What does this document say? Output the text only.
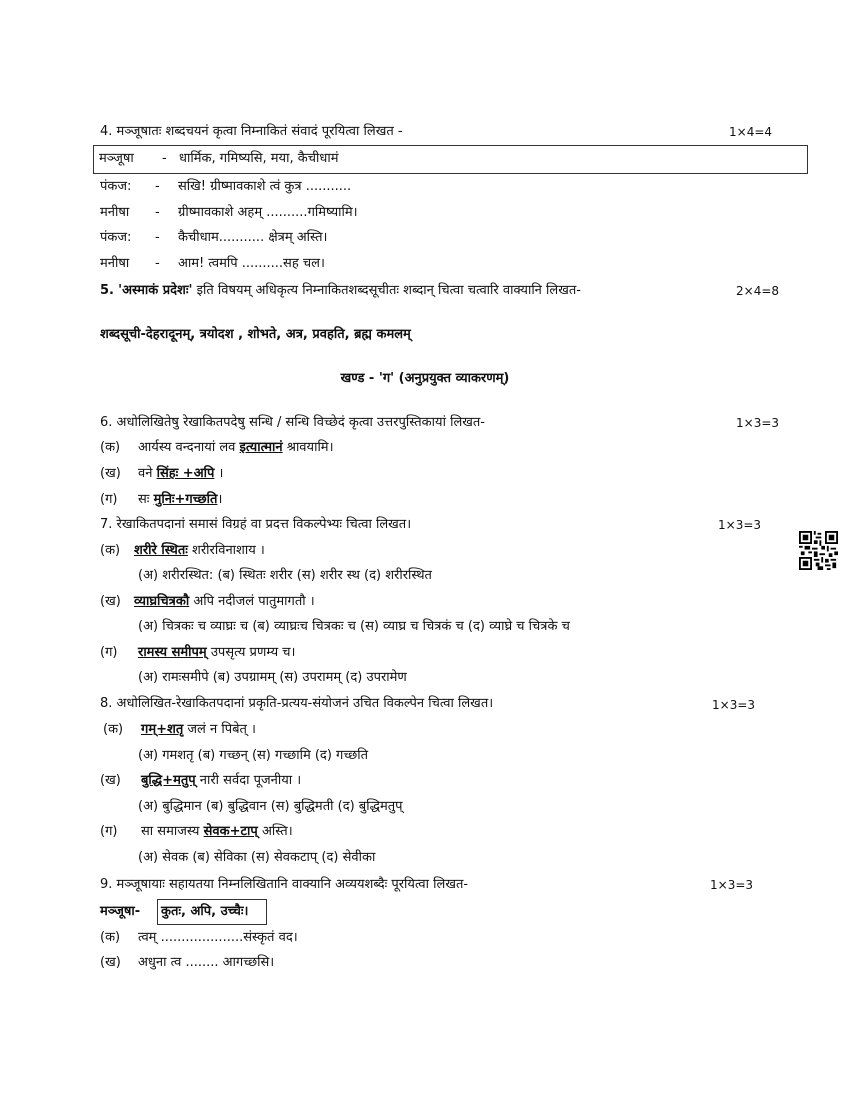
4. मञ्जूषातः शब्दचयनं कृत्वा निम्नाकितं संवादं पूरयित्वा लिखत -	1×4=4
मञ्जूषा - धार्मिक, गमिष्यसि, मया, कैचीधामं
पंकज: - सखि! ग्रीष्मावकाशे त्वं कुत्र ...........
मनीषा - ग्रीष्मावकाशे अहम् ..........गमिष्यामि।
पंकज: - कैचीधाम........... क्षेत्रम् अस्ति।
मनीषा - आम! त्वमपि ..........सह चल।
5. 'अस्माकं प्रदेशः' इति विषयम् अधिकृत्य निम्नाकितशब्दसूचीतः शब्दान् चित्वा चत्वारि वाक्यानि लिखत-	2×4=8
शब्दसूची-देहरादूनम्, त्रयोदश , शोभते, अत्र, प्रवहति, ब्रह्म कमलम्
खण्ड - 'ग' (अनुप्रयुक्त व्याकरणम्)
6. अधोलिखितेषु रेखाकितपदेषु सन्धि / सन्धि विच्छेदं कृत्वा उत्तरपुस्तिकायां लिखत-	1×3=3
(क) आर्यस्य वन्दनायां लव इत्यात्मानं श्रावयामि।
(ख) वने सिंहः +अपि ।
(ग) सः मुनिः+गच्छति।
7. रेखाकितपदानां समासं विग्रहं वा प्रदत्त विकल्पेभ्यः चित्वा लिखत।	1×3=3
(क) शरीरे स्थितः शरीरविनाशाय ।
(अ) शरीरस्थित: (ब) स्थितः शरीर (स) शरीर स्थ (द) शरीरस्थित
(ख) व्याघ्रचित्रकौ अपि नदीजलं पातुमागतौ ।
(अ) चित्रकः च व्याघ्रः च (ब) व्याघ्रःच चित्रकः च (स) व्याघ्र च चित्रकं च (द) व्याघ्रे च चित्रके च
(ग) रामस्य समीपम् उपसृत्य प्रणम्य च।
(अ) रामःसमीपे (ब) उपग्रामम् (स) उपरामम् (द) उपरामेण
8. अधोलिखित-रेखाकितपदानां प्रकृति-प्रत्यय-संयोजनं उचित विकल्पेन चित्वा लिखत।	1×3=3
(क) गम्+शतृ जलं न पिबेत् ।
(अ) गमशतृ (ब) गच्छन् (स) गच्छामि (द) गच्छति
(ख) बुद्धि+मतुप् नारी सर्वदा पूजनीया ।
(अ) बुद्धिमान (ब) बुद्धिवान (स) बुद्धिमती (द) बुद्धिमतुप्
(ग) सा समाजस्य सेवक+टाप् अस्ति।
(अ) सेवक (ब) सेविका (स) सेवकटाप् (द) सेवीका
9. मञ्जूषायाः सहायतया निम्नलिखितानि वाक्यानि अव्ययशब्दैः पूरयित्वा लिखत-	1×3=3
मञ्जूषा- कुतः, अपि, उच्चैः।
(क) त्वम् ....................संस्कृतं वद।
(ख) अधुना त्व ........ आगच्छसि।
